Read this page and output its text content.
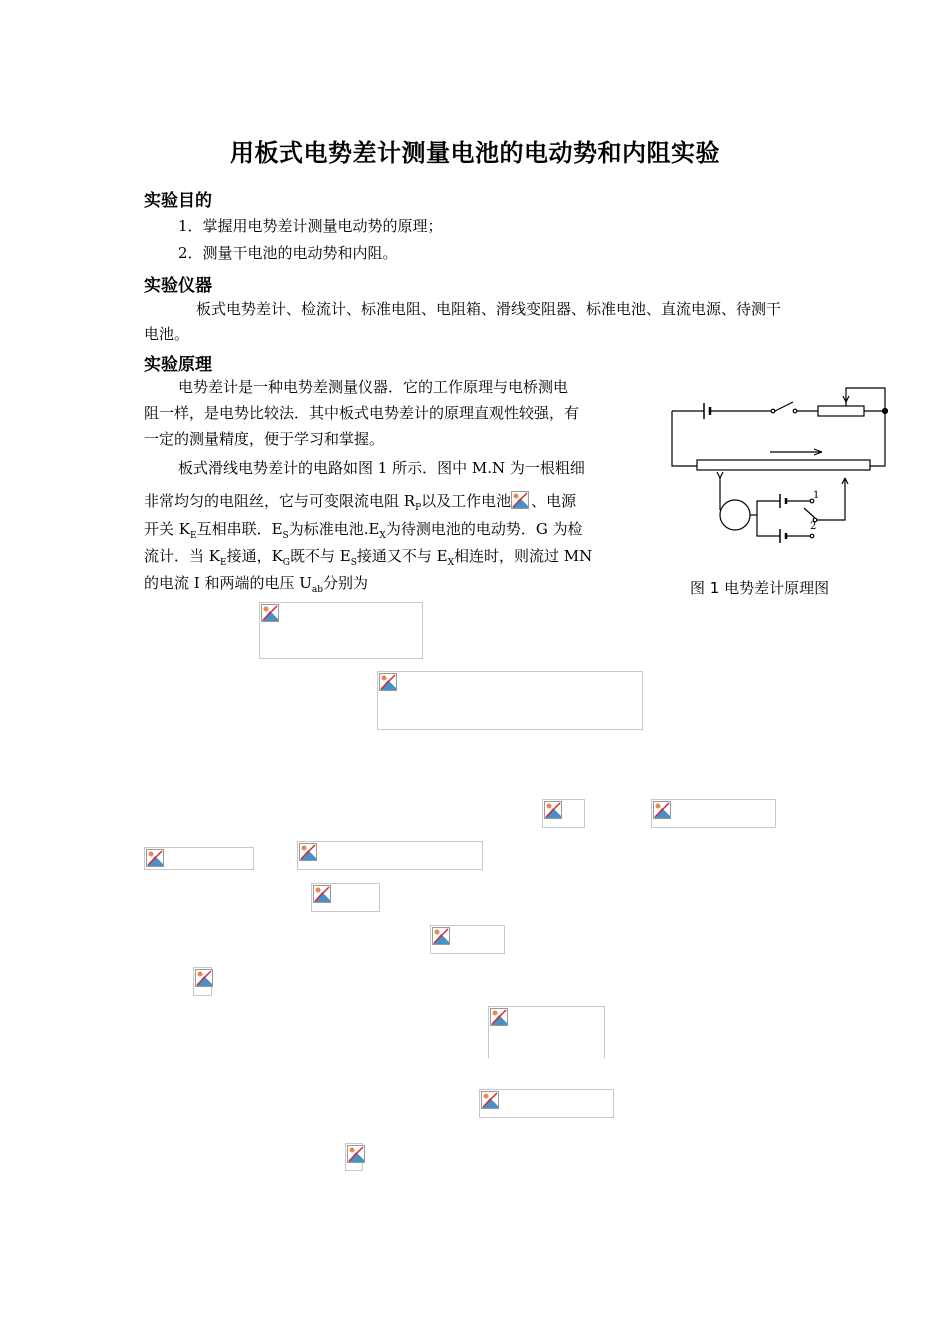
用板式电势差计测量电池的电动势和内阻实验
实验目的
1．掌握用电势差计测量电动势的原理；
2．测量干电池的电动势和内阻。
实验仪器
板式电势差计、检流计、标准电阻、电阻箱、滑线变阻器、标准电池、直流电源、待测干
电池。
实验原理
电势差计是一种电势差测量仪器．它的工作原理与电桥测电
阻一样，是电势比较法．其中板式电势差计的原理直观性较强，有
一定的测量精度，便于学习和掌握。
板式滑线电势差计的电路如图 1 所示．图中 M.N 为一根粗细
非常均匀的电阻丝，它与可变限流电阻 $R_P$以及工作电池 、电源
开关 $K_E$互相串联．$E_S$为标准电池$.E_X$为待测电池的电动势．G 为检
流计．当 $K_E$接通，$K_G$既不与 $E_S$接通又不与 $E_X$相连时，则流过 MN
的电流 I 和两端的电压 $U_{ab}$分别为
1
2
图 1 电势差计原理图
